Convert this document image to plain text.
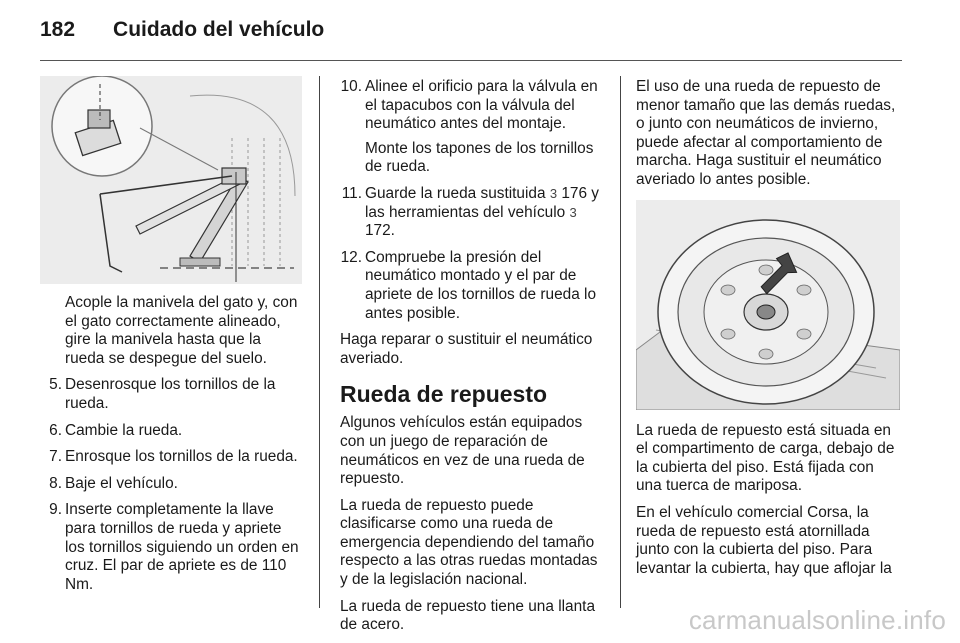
182 Cuidado del vehículo

Acople la manivela del gato y, con el gato correctamente alineado, gire la manivela hasta que la rueda se despegue del suelo.

5. Desenrosque los tornillos de la rueda.
6. Cambie la rueda.
7. Enrosque los tornillos de la rueda.
8. Baje el vehículo.
9. Inserte completamente la llave para tornillos de rueda y apriete los tornillos siguiendo un orden en cruz. El par de apriete es de 110 Nm.
10. Alinee el orificio para la válvula en el tapacubos con la válvula del neumático antes del montaje.
Monte los tapones de los tornillos de rueda.
11. Guarde la rueda sustituida 3 176 y las herramientas del vehículo 3 172.
12. Compruebe la presión del neumático montado y el par de apriete de los tornillos de rueda lo antes posible.

Haga reparar o sustituir el neumático averiado.

Rueda de repuesto

Algunos vehículos están equipados con un juego de reparación de neumáticos en vez de una rueda de repuesto.

La rueda de repuesto puede clasificarse como una rueda de emergencia dependiendo del tamaño respecto a las otras ruedas montadas y de la legislación nacional.

La rueda de repuesto tiene una llanta de acero.

El uso de una rueda de repuesto de menor tamaño que las demás ruedas, o junto con neumáticos de invierno, puede afectar al comportamiento de marcha. Haga sustituir el neumático averiado lo antes posible.

La rueda de repuesto está situada en el compartimento de carga, debajo de la cubierta del piso. Está fijada con una tuerca de mariposa.

En el vehículo comercial Corsa, la rueda de repuesto está atornillada junto con la cubierta del piso. Para levantar la cubierta, hay que aflojar la

carmanualsonline.info
